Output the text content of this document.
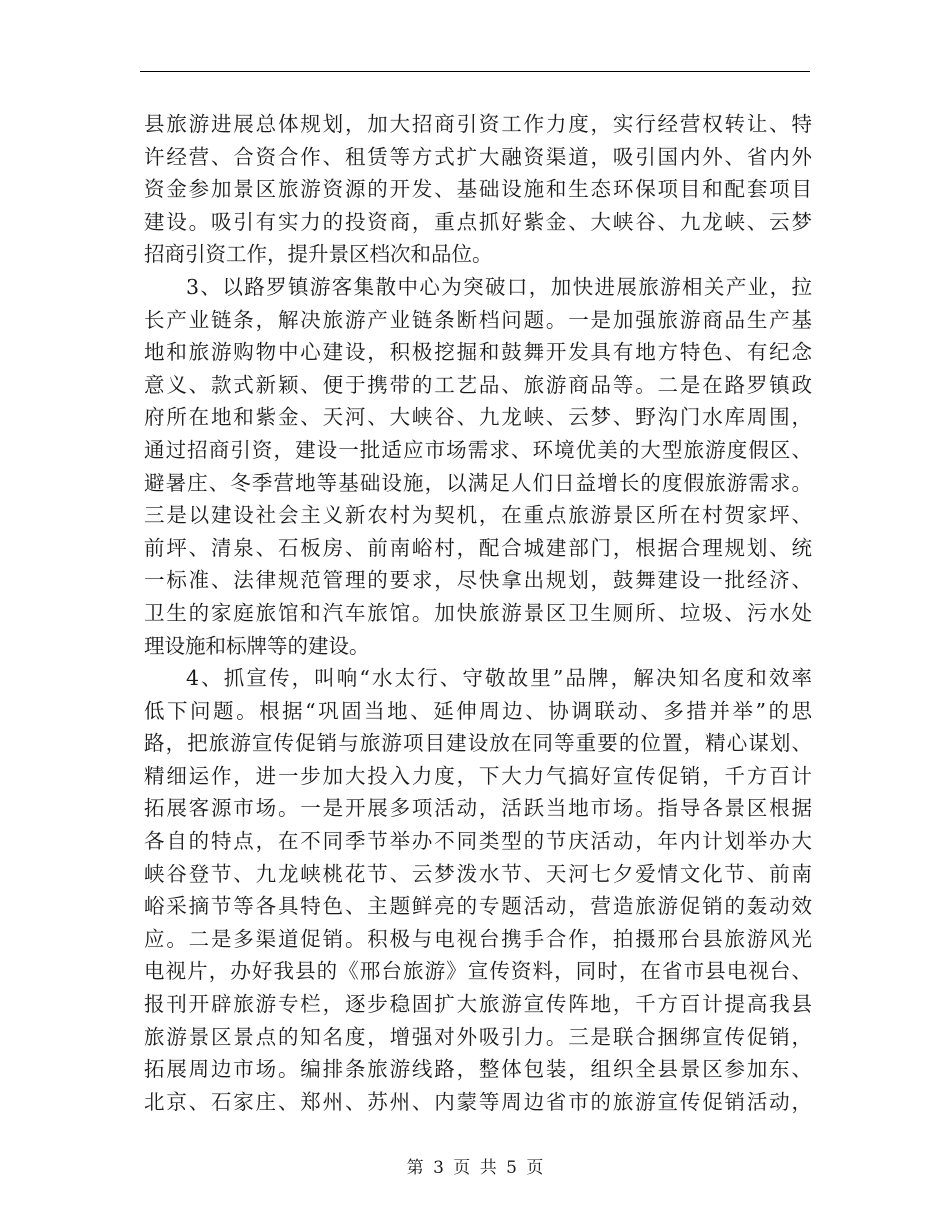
县旅游进展总体规划，加大招商引资工作力度，实行经营权转让、特
许经营、合资合作、租赁等方式扩大融资渠道，吸引国内外、省内外
资金参加景区旅游资源的开发、基础设施和生态环保项目和配套项目
建设。吸引有实力的投资商，重点抓好紫金、大峡谷、九龙峡、云梦
招商引资工作，提升景区档次和品位。
3、以路罗镇游客集散中心为突破口，加快进展旅游相关产业，拉
长产业链条，解决旅游产业链条断档问题。一是加强旅游商品生产基
地和旅游购物中心建设，积极挖掘和鼓舞开发具有地方特色、有纪念
意义、款式新颖、便于携带的工艺品、旅游商品等。二是在路罗镇政
府所在地和紫金、天河、大峡谷、九龙峡、云梦、野沟门水库周围，
通过招商引资，建设一批适应市场需求、环境优美的大型旅游度假区、
避暑庄、冬季营地等基础设施，以满足人们日益增长的度假旅游需求。
三是以建设社会主义新农村为契机，在重点旅游景区所在村贺家坪、
前坪、清泉、石板房、前南峪村，配合城建部门，根据合理规划、统
一标准、法律规范管理的要求，尽快拿出规划，鼓舞建设一批经济、
卫生的家庭旅馆和汽车旅馆。加快旅游景区卫生厕所、垃圾、污水处
理设施和标牌等的建设。
4、抓宣传，叫响“水太行、守敬故里”品牌，解决知名度和效率
低下问题。根据“巩固当地、延伸周边、协调联动、多措并举”的思
路，把旅游宣传促销与旅游项目建设放在同等重要的位置，精心谋划、
精细运作，进一步加大投入力度，下大力气搞好宣传促销，千方百计
拓展客源市场。一是开展多项活动，活跃当地市场。指导各景区根据
各自的特点，在不同季节举办不同类型的节庆活动，年内计划举办大
峡谷登节、九龙峡桃花节、云梦泼水节、天河七夕爱情文化节、前南
峪采摘节等各具特色、主题鲜亮的专题活动，营造旅游促销的轰动效
应。二是多渠道促销。积极与电视台携手合作，拍摄邢台县旅游风光
电视片，办好我县的《邢台旅游》宣传资料，同时，在省市县电视台、
报刊开辟旅游专栏，逐步稳固扩大旅游宣传阵地，千方百计提高我县
旅游景区景点的知名度，增强对外吸引力。三是联合捆绑宣传促销，
拓展周边市场。编排条旅游线路，整体包装，组织全县景区参加东、
北京、石家庄、郑州、苏州、内蒙等周边省市的旅游宣传促销活动，
第 3 页 共 5 页
